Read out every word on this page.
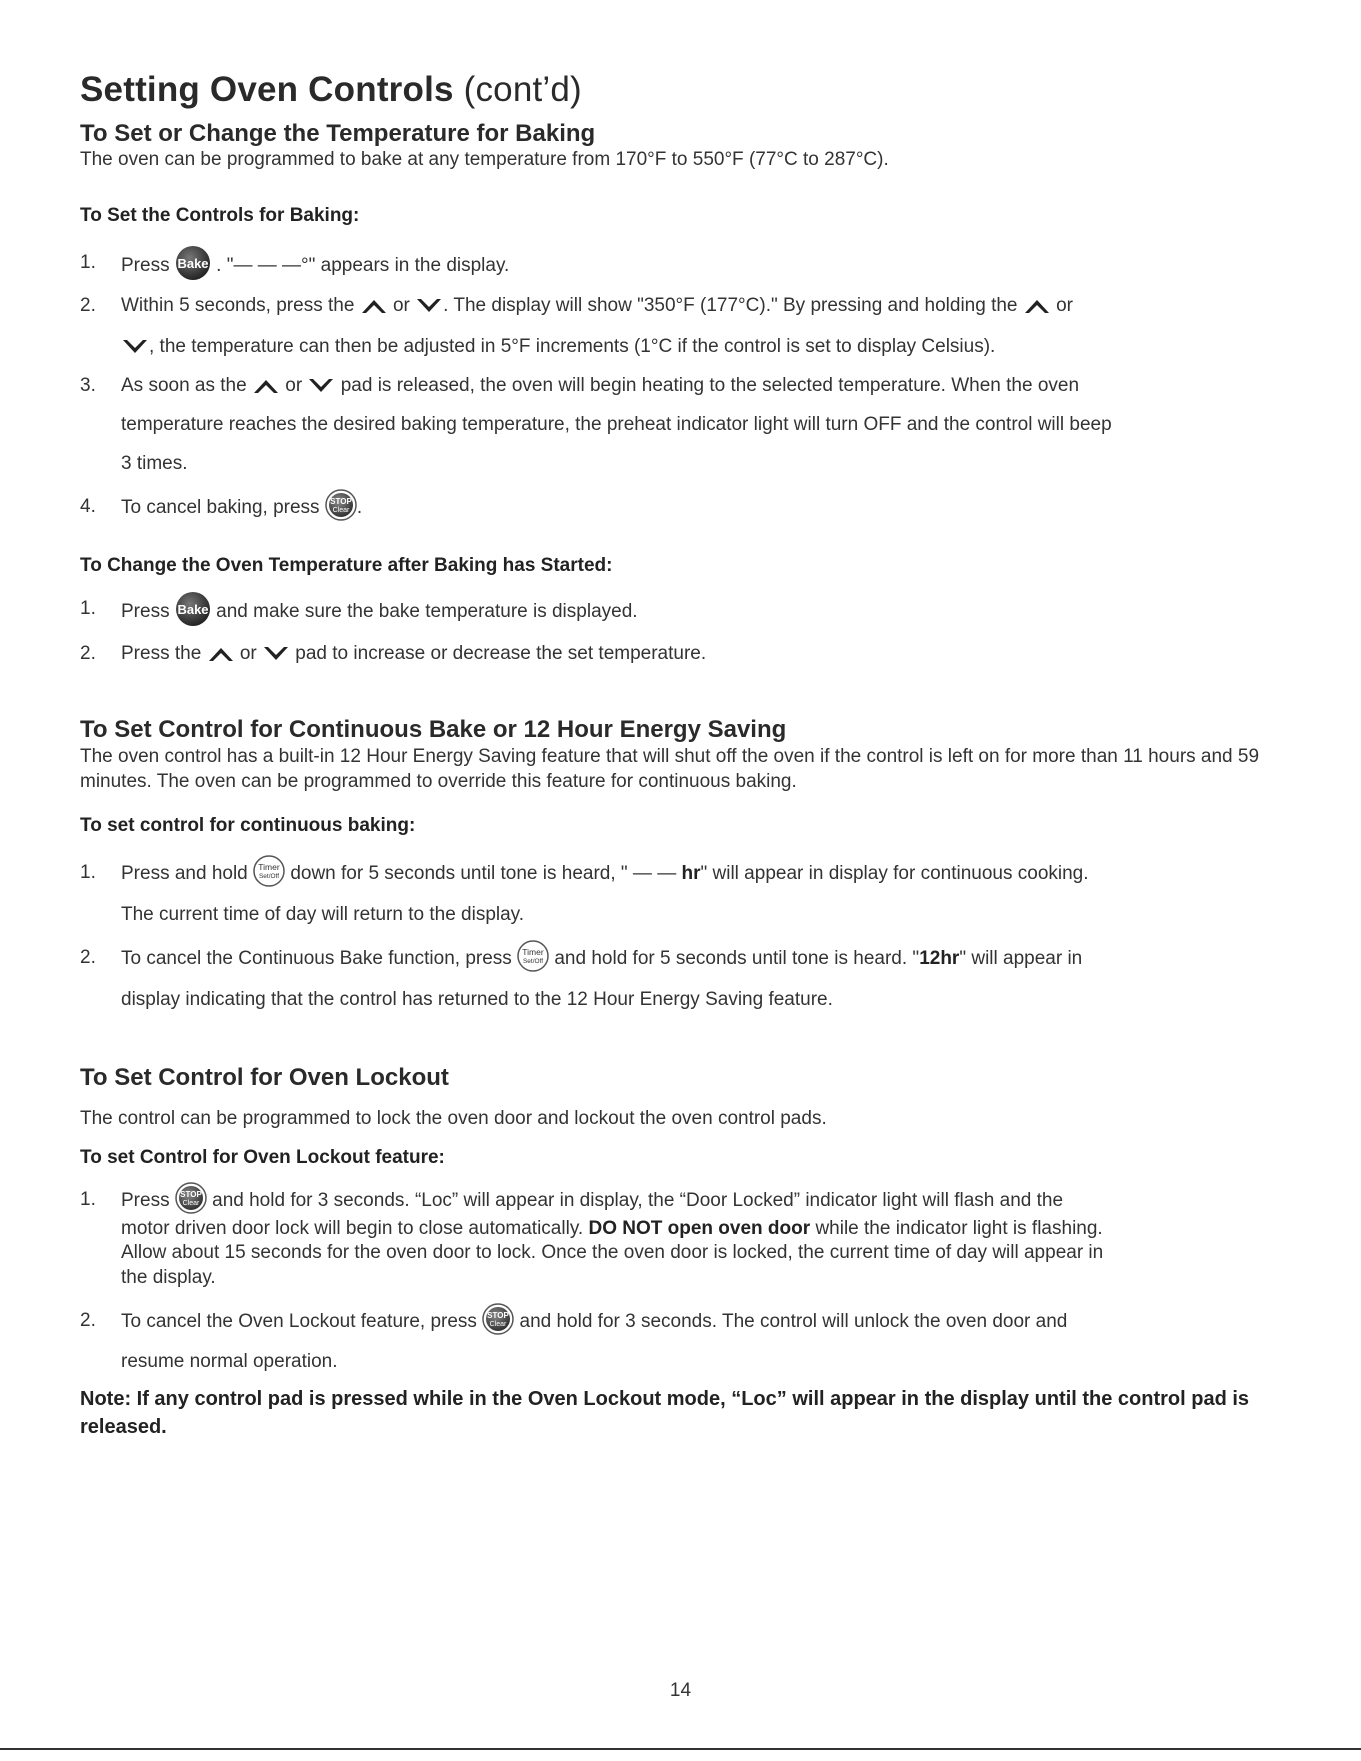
Setting Oven Controls (cont’d)
To Set or Change the Temperature for Baking
The oven can be programmed to bake at any temperature from 170°F to 550°F (77°C to 287°C).
To Set the Controls for Baking:
1. Press Bake . "— — —°" appears in the display.
2. Within 5 seconds, press the or . The display will show "350°F (177°C)." By pressing and holding the or
, the temperature can then be adjusted in 5°F increments (1°C if the control is set to display Celsius).
3. As soon as the or pad is released, the oven will begin heating to the selected temperature. When the oven
temperature reaches the desired baking temperature, the preheat indicator light will turn OFF and the control will beep
3 times.
4. To cancel baking, press STOP
Clear .
To Change the Oven Temperature after Baking has Started:
1. Press Bake and make sure the bake temperature is displayed.
2. Press the or pad to increase or decrease the set temperature.
To Set Control for Continuous Bake or 12 Hour Energy Saving
The oven control has a built-in 12 Hour Energy Saving feature that will shut off the oven if the control is left on for more than 11 hours and 59 minutes. The oven can be programmed to override this feature for continuous baking.
To set control for continuous baking:
1. Press and hold Timer
Set/Off down for 5 seconds until tone is heard, " — — hr" will appear in display for continuous cooking.
The current time of day will return to the display.
2. To cancel the Continuous Bake function, press Timer
Set/Off and hold for 5 seconds until tone is heard. "12hr" will appear in
display indicating that the control has returned to the 12 Hour Energy Saving feature.
To Set Control for Oven Lockout
The control can be programmed to lock the oven door and lockout the oven control pads.
To set Control for Oven Lockout feature:
1. Press STOP
Clear and hold for 3 seconds. “Loc” will appear in display, the “Door Locked” indicator light will flash and the
motor driven door lock will begin to close automatically. DO NOT open oven door while the indicator light is flashing.
Allow about 15 seconds for the oven door to lock. Once the oven door is locked, the current time of day will appear in
the display.
2. To cancel the Oven Lockout feature, press STOP
Clear and hold for 3 seconds. The control will unlock the oven door and
resume normal operation.
Note: If any control pad is pressed while in the Oven Lockout mode, “Loc” will appear in the display until the control pad is released.
14
